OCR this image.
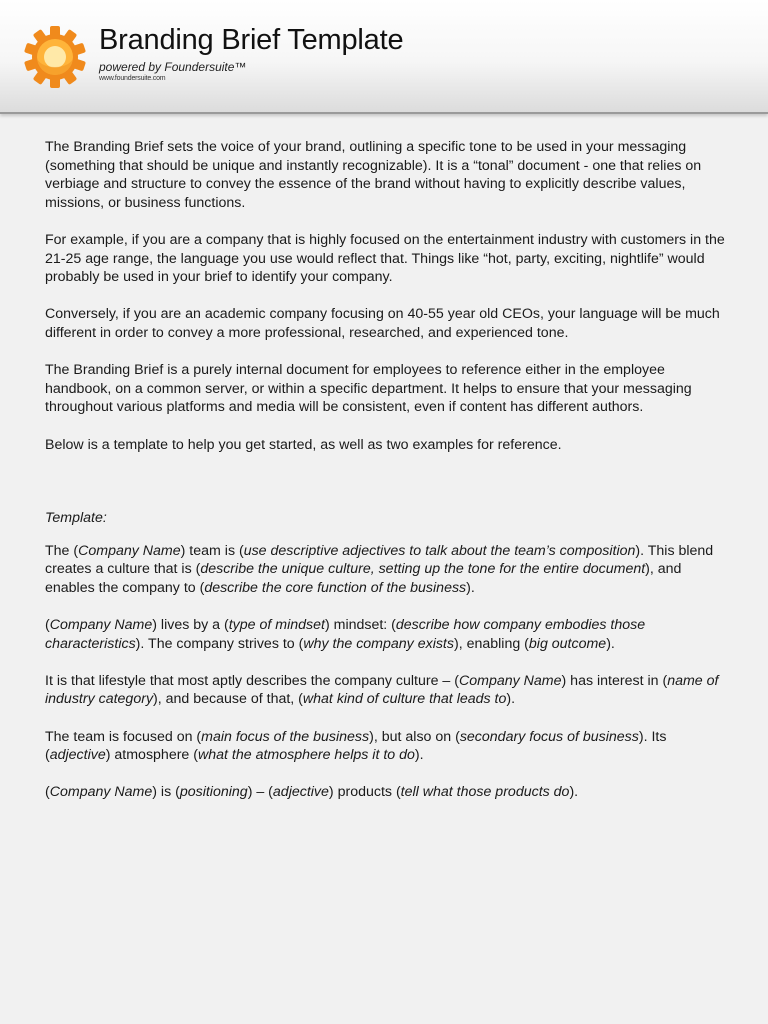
Branding Brief Template
powered by Foundersuite™
www.foundersuite.com

The Branding Brief sets the voice of your brand, outlining a specific tone to be used in your messaging (something that should be unique and instantly recognizable). It is a “tonal” document - one that relies on verbiage and structure to convey the essence of the brand without having to explicitly describe values, missions, or business functions.

For example, if you are a company that is highly focused on the entertainment industry with customers in the 21-25 age range, the language you use would reflect that. Things like “hot, party, exciting, nightlife” would probably be used in your brief to identify your company.

Conversely, if you are an academic company focusing on 40-55 year old CEOs, your language will be much different in order to convey a more professional, researched, and experienced tone.

The Branding Brief is a purely internal document for employees to reference either in the employee handbook, on a common server, or within a specific department. It helps to ensure that your messaging throughout various platforms and media will be consistent, even if content has different authors.

Below is a template to help you get started, as well as two examples for reference.

Template:

The (Company Name) team is (use descriptive adjectives to talk about the team’s composition). This blend creates a culture that is (describe the unique culture, setting up the tone for the entire document), and enables the company to (describe the core function of the business).

(Company Name) lives by a (type of mindset) mindset: (describe how company embodies those characteristics). The company strives to (why the company exists), enabling (big outcome).

It is that lifestyle that most aptly describes the company culture – (Company Name) has interest in (name of industry category), and because of that, (what kind of culture that leads to).

The team is focused on (main focus of the business), but also on (secondary focus of business). Its (adjective) atmosphere (what the atmosphere helps it to do).

(Company Name) is (positioning) – (adjective) products (tell what those products do).
